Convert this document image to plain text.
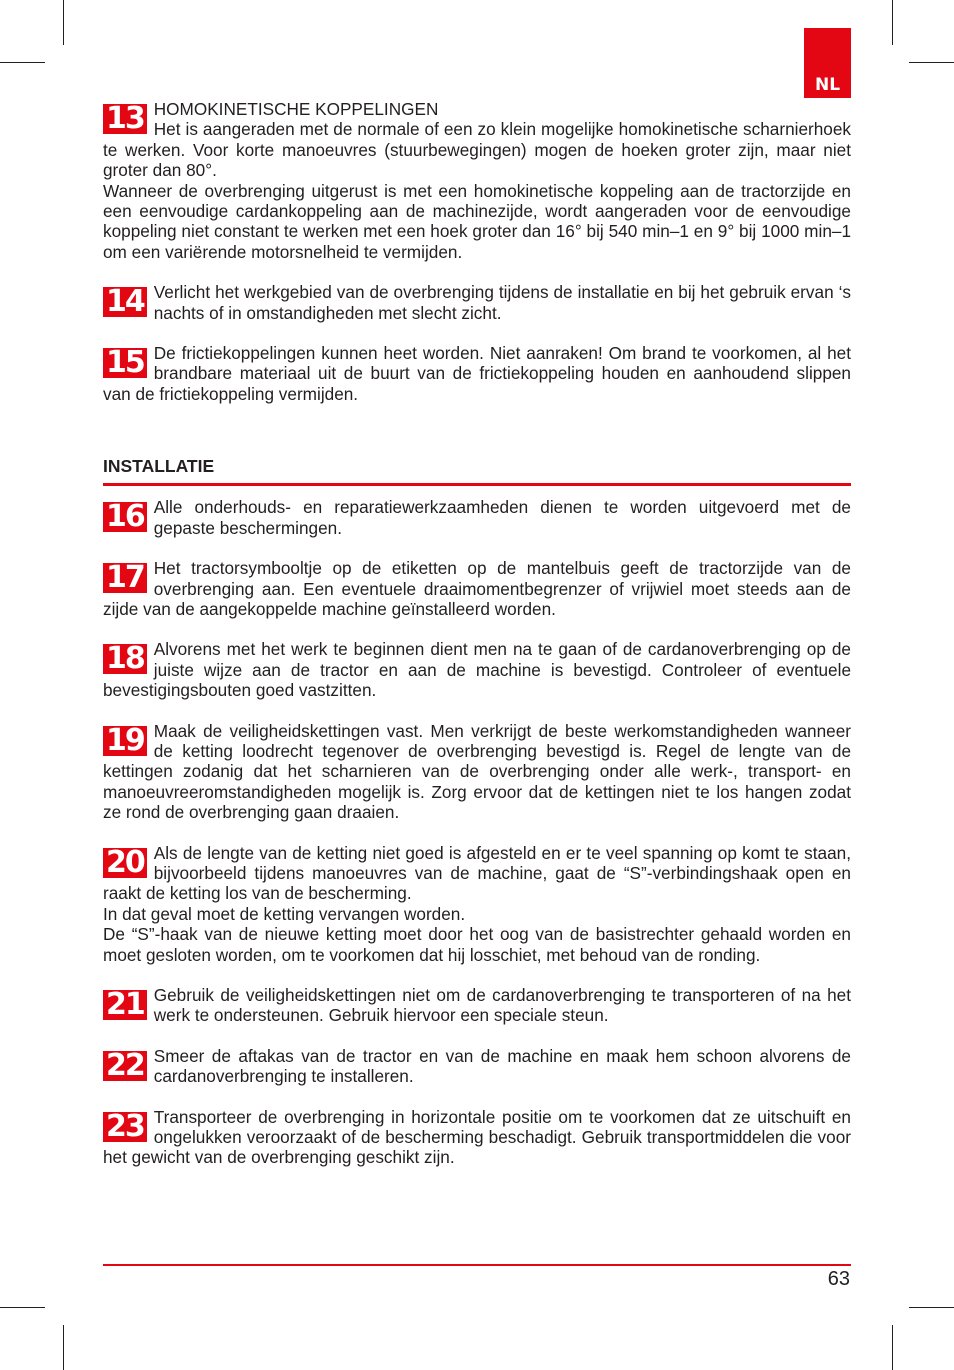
NL
13 HOMOKINETISCHE KOPPELINGEN

Het is aangeraden met de normale of een zo klein mogelijke homokinetische scharnierhoek te werken. Voor korte manoeuvres (stuurbewegingen) mogen de hoeken groter zijn, maar niet groter dan 80°.

Wanneer de overbrenging uitgerust is met een homokinetische koppeling aan de tractorzijde en een eenvoudige cardankoppeling aan de machinezijde, wordt aangeraden voor de eenvoudige koppeling niet constant te werken met een hoek groter dan 16° bij 540 min–1 en 9° bij 1000 min–1 om een variërende motorsnelheid te vermijden.

14 Verlicht het werkgebied van de overbrenging tijdens de installatie en bij het gebruik ervan ‘s nachts of in omstandigheden met slecht zicht.

15 De frictiekoppelingen kunnen heet worden. Niet aanraken! Om brand te voorkomen, al het brandbare materiaal uit de buurt van de frictiekoppeling houden en aanhoudend slippen van de frictiekoppeling vermijden.

INSTALLATIE
16 Alle onderhouds- en reparatiewerkzaamheden dienen te worden uitgevoerd met de gepaste beschermingen.

17 Het tractorsymbooltje op de etiketten op de mantelbuis geeft de tractorzijde van de overbrenging aan. Een eventuele draaimomentbegrenzer of vrijwiel moet steeds aan de zijde van de aangekoppelde machine geïnstalleerd worden.

18 Alvorens met het werk te beginnen dient men na te gaan of de cardanoverbrenging op de juiste wijze aan de tractor en aan de machine is bevestigd. Controleer of eventuele bevestigingsbouten goed vastzitten.

19 Maak de veiligheidskettingen vast. Men verkrijgt de beste werkomstandigheden wanneer de ketting loodrecht tegenover de overbrenging bevestigd is. Regel de lengte van de kettingen zodanig dat het scharnieren van de overbrenging onder alle werk-, transport- en manoeuvreeromstandigheden mogelijk is. Zorg ervoor dat de kettingen niet te los hangen zodat ze rond de overbrenging gaan draaien.

20 Als de lengte van de ketting niet goed is afgesteld en er te veel spanning op komt te staan, bijvoorbeeld tijdens manoeuvres van de machine, gaat de “S”-verbindingshaak open en raakt de ketting los van de bescherming.

In dat geval moet de ketting vervangen worden.

De “S”-haak van de nieuwe ketting moet door het oog van de basistrechter gehaald worden en moet gesloten worden, om te voorkomen dat hij losschiet, met behoud van de ronding.

21 Gebruik de veiligheidskettingen niet om de cardanoverbrenging te transporteren of na het werk te ondersteunen. Gebruik hiervoor een speciale steun.

22 Smeer de aftakas van de tractor en van de machine en maak hem schoon alvorens de cardanoverbrenging te installeren.

23 Transporteer de overbrenging in horizontale positie om te voorkomen dat ze uitschuift en ongelukken veroorzaakt of de bescherming beschadigt. Gebruik transportmiddelen die voor het gewicht van de overbrenging geschikt zijn.

63
